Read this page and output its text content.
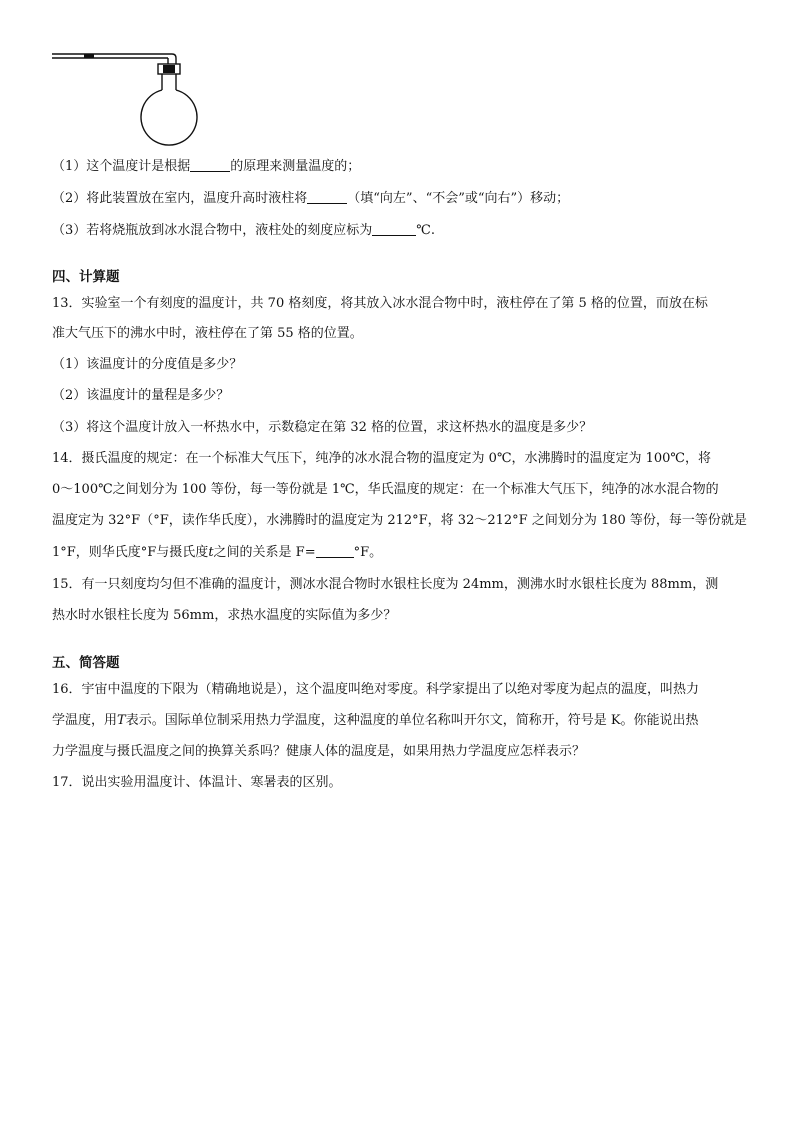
（1）这个温度计是根据	的原理来测量温度的；
（2）将此装置放在室内，温度升高时液柱将	（填“向左”、“不会”或“向右”）移动；
（3）若将烧瓶放到冰水混合物中，液柱处的刻度应标为	℃.
四、计算题
13．实验室一个有刻度的温度计，共 70 格刻度，将其放入冰水混合物中时，液柱停在了第 5 格的位置，而放在标
准大气压下的沸水中时，液柱停在了第 55 格的位置。
（1）该温度计的分度值是多少？
（2）该温度计的量程是多少？
（3）将这个温度计放入一杯热水中，示数稳定在第 32 格的位置，求这杯热水的温度是多少？
14．摄氏温度的规定：在一个标准大气压下，纯净的冰水混合物的温度定为 0℃，水沸腾时的温度定为 100℃，将
0～100℃之间划分为 100 等份，每一等份就是 1℃，华氏温度的规定：在一个标准大气压下，纯净的冰水混合物的
温度定为 32°F（°F，读作华氏度），水沸腾时的温度定为 212°F，将 32～212°F 之间划分为 180 等份，每一等份就是
1°F，则华氏度°F与摄氏度t之间的关系是 F=	°F。
15．有一只刻度均匀但不准确的温度计，测冰水混合物时水银柱长度为 24mm，测沸水时水银柱长度为 88mm，测
热水时水银柱长度为 56mm，求热水温度的实际值为多少？
五、简答题
16．宇宙中温度的下限为（精确地说是），这个温度叫绝对零度。科学家提出了以绝对零度为起点的温度，叫热力
学温度，用T表示。国际单位制采用热力学温度，这种温度的单位名称叫开尔文，简称开，符号是 K。你能说出热
力学温度与摄氏温度之间的换算关系吗？健康人体的温度是，如果用热力学温度应怎样表示？
17．说出实验用温度计、体温计、寒暑表的区别。
